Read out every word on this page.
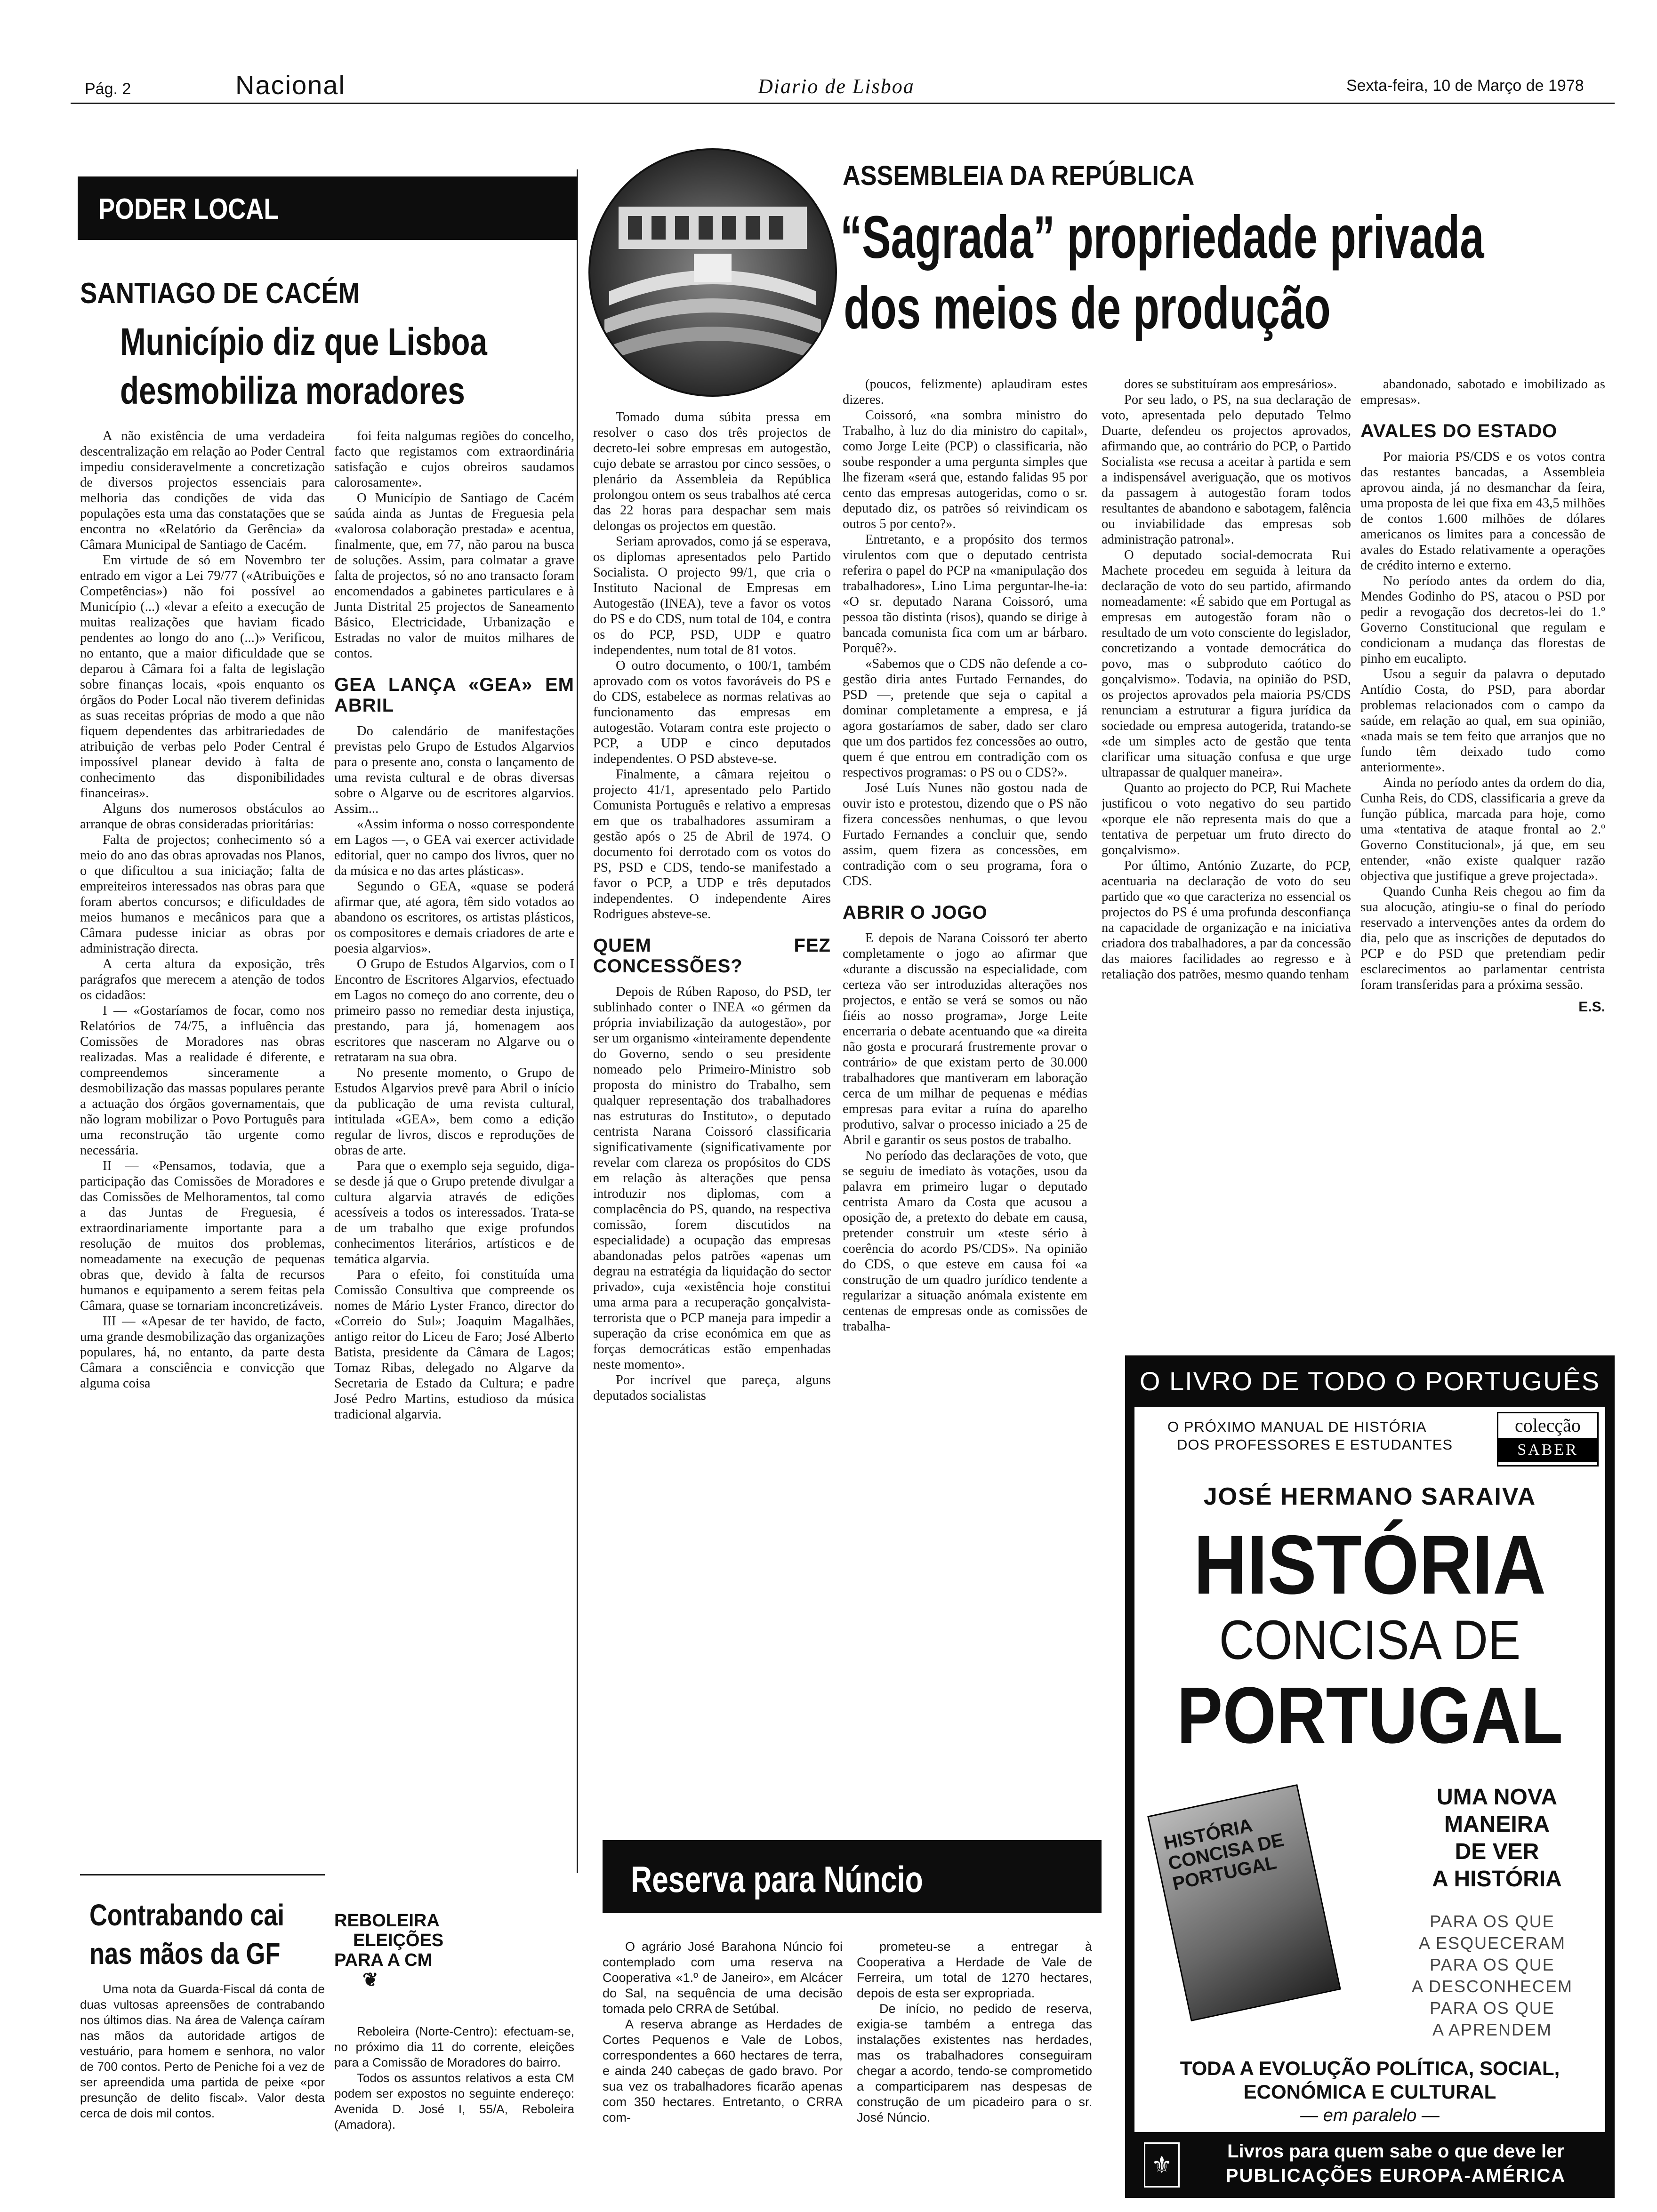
Pág. 2	Nacional	Diario de Lisboa	Sexta-feira, 10 de Março de 1978
PODER LOCAL
SANTIAGO DE CACÉM
Município diz que Lisboa
desmobiliza moradores

A não existência de uma verdadeira descentralização em relação ao Poder Central impediu consideravelmente a concretização de diversos projectos essenciais para melhoria das condições de vida das populações esta uma das constatações que se encontra no «Relatório da Gerência» da Câmara Municipal de Santiago de Cacém.

Em virtude de só em Novembro ter entrado em vigor a Lei 79/77 («Atribuições e Competências») não foi possível ao Município (...) «levar a efeito a execução de muitas realizações que haviam ficado pendentes ao longo do ano (...)» Verificou, no entanto, que a maior dificuldade que se deparou à Câmara foi a falta de legislação sobre finanças locais, «pois enquanto os órgãos do Poder Local não tiverem definidas as suas receitas próprias de modo a que não fiquem dependentes das arbitrariedades de atribuição de verbas pelo Poder Central é impossível planear devido à falta de conhecimento das disponibilidades financeiras».

Alguns dos numerosos obstáculos ao arranque de obras consideradas prioritárias:

Falta de projectos; conhecimento só a meio do ano das obras aprovadas nos Planos, o que dificultou a sua iniciação; falta de empreiteiros interessados nas obras para que foram abertos concursos; e dificuldades de meios humanos e mecânicos para que a Câmara pudesse iniciar as obras por administração directa.

A certa altura da exposição, três parágrafos que merecem a atenção de todos os cidadãos:

I — «Gostaríamos de focar, como nos Relatórios de 74/75, a influência das Comissões de Moradores nas obras realizadas. Mas a realidade é diferente, e compreendemos sinceramente a desmobilização das massas populares perante a actuação dos órgãos governamentais, que não logram mobilizar o Povo Português para uma reconstrução tão urgente como necessária.

II — «Pensamos, todavia, que a participação das Comissões de Moradores e das Comissões de Melhoramentos, tal como a das Juntas de Freguesia, é extraordinariamente importante para a resolução de muitos dos problemas, nomeadamente na execução de pequenas obras que, devido à falta de recursos humanos e equipamento a serem feitas pela Câmara, quase se tornariam inconcretizáveis.

III — «Apesar de ter havido, de facto, uma grande desmobilização das organizações populares, há, no entanto, da parte desta Câmara a consciência e convicção que alguma coisa

foi feita nalgumas regiões do concelho, facto que registamos com extraordinária satisfação e cujos obreiros saudamos calorosamente».

O Município de Santiago de Cacém saúda ainda as Juntas de Freguesia pela «valorosa colaboração prestada» e acentua, finalmente, que, em 77, não parou na busca de soluções. Assim, para colmatar a grave falta de projectos, só no ano transacto foram encomendados a gabinetes particulares e à Junta Distrital 25 projectos de Saneamento Básico, Electricidade, Urbanização e Estradas no valor de muitos milhares de contos.

GEA LANÇA «GEA» EM ABRIL

Do calendário de manifestações previstas pelo Grupo de Estudos Algarvios para o presente ano, consta o lançamento de uma revista cultural e de obras diversas sobre o Algarve ou de escritores algarvios. Assim...

«Assim informa o nosso correspondente em Lagos —, o GEA vai exercer actividade editorial, quer no campo dos livros, quer no da música e no das artes plásticas».

Segundo o GEA, «quase se poderá afirmar que, até agora, têm sido votados ao abandono os escritores, os artistas plásticos, os compositores e demais criadores de arte e poesia algarvios».

O Grupo de Estudos Algarvios, com o I Encontro de Escritores Algarvios, efectuado em Lagos no começo do ano corrente, deu o primeiro passo no remediar desta injustiça, prestando, para já, homenagem aos escritores que nasceram no Algarve ou o retrataram na sua obra.

No presente momento, o Grupo de Estudos Algarvios prevê para Abril o início da publicação de uma revista cultural, intitulada «GEA», bem como a edição regular de livros, discos e reproduções de obras de arte.

Para que o exemplo seja seguido, diga-se desde já que o Grupo pretende divulgar a cultura algarvia através de edições acessíveis a todos os interessados. Trata-se de um trabalho que exige profundos conhecimentos literários, artísticos e de temática algarvia.

Para o efeito, foi constituída uma Comissão Consultiva que compreende os nomes de Mário Lyster Franco, director do «Correio do Sul»; Joaquim Magalhães, antigo reitor do Liceu de Faro; José Alberto Batista, presidente da Câmara de Lagos; Tomaz Ribas, delegado no Algarve da Secretaria de Estado da Cultura; e padre José Pedro Martins, estudioso da música tradicional algarvia.

Contrabando cai
nas mãos da GF

Uma nota da Guarda-Fiscal dá conta de duas vultosas apreensões de contrabando nos últimos dias. Na área de Valença caíram nas mãos da autoridade artigos de vestuário, para homem e senhora, no valor de 700 contos. Perto de Peniche foi a vez de ser apreendida uma partida de peixe «por presunção de delito fiscal». Valor desta cerca de dois mil contos.

REBOLEIRA
ELEIÇÕES
PARA A CM
❦

Reboleira (Norte-Centro): efectuam-se, no próximo dia 11 do corrente, eleições para a Comissão de Moradores do bairro.

Todos os assuntos relativos a esta CM podem ser expostos no seguinte endereço: Avenida D. José I, 55/A, Reboleira (Amadora).

ASSEMBLEIA DA REPÚBLICA
“Sagrada” propriedade privada
dos meios de produção

Tomado duma súbita pressa em resolver o caso dos três projectos de decreto-lei sobre empresas em autogestão, cujo debate se arrastou por cinco sessões, o plenário da Assembleia da República prolongou ontem os seus trabalhos até cerca das 22 horas para despachar sem mais delongas os projectos em questão.

Seriam aprovados, como já se esperava, os diplomas apresentados pelo Partido Socialista. O projecto 99/1, que cria o Instituto Nacional de Empresas em Autogestão (INEA), teve a favor os votos do PS e do CDS, num total de 104, e contra os do PCP, PSD, UDP e quatro independentes, num total de 81 votos.

O outro documento, o 100/1, também aprovado com os votos favoráveis do PS e do CDS, estabelece as normas relativas ao funcionamento das empresas em autogestão. Votaram contra este projecto o PCP, a UDP e cinco deputados independentes. O PSD absteve-se.

Finalmente, a câmara rejeitou o projecto 41/1, apresentado pelo Partido Comunista Português e relativo a empresas em que os trabalhadores assumiram a gestão após o 25 de Abril de 1974. O documento foi derrotado com os votos do PS, PSD e CDS, tendo-se manifestado a favor o PCP, a UDP e três deputados independentes. O independente Aires Rodrigues absteve-se.

QUEM FEZ CONCESSÕES?

Depois de Rúben Raposo, do PSD, ter sublinhado conter o INEA «o gérmen da própria inviabilização da autogestão», por ser um organismo «inteiramente dependente do Governo, sendo o seu presidente nomeado pelo Primeiro-Ministro sob proposta do ministro do Trabalho, sem qualquer representação dos trabalhadores nas estruturas do Instituto», o deputado centrista Narana Coissoró classificaria significativamente (significativamente por revelar com clareza os propósitos do CDS em relação às alterações que pensa introduzir nos diplomas, com a complacência do PS, quando, na respectiva comissão, forem discutidos na especialidade) a ocupação das empresas abandonadas pelos patrões «apenas um degrau na estratégia da liquidação do sector privado», cuja «existência hoje constitui uma arma para a recuperação gonçalvista-terrorista que o PCP maneja para impedir a superação da crise económica em que as forças democráticas estão empenhadas neste momento».

Por incrível que pareça, alguns deputados socialistas

(poucos, felizmente) aplaudiram estes dizeres.

Coissoró, «na sombra ministro do Trabalho, à luz do dia ministro do capital», como Jorge Leite (PCP) o classificaria, não soube responder a uma pergunta simples que lhe fizeram «será que, estando falidas 95 por cento das empresas autogeridas, como o sr. deputado diz, os patrões só reivindicam os outros 5 por cento?».

Entretanto, e a propósito dos termos virulentos com que o deputado centrista referira o papel do PCP na «manipulação dos trabalhadores», Lino Lima perguntar-lhe-ia: «O sr. deputado Narana Coissoró, uma pessoa tão distinta (risos), quando se dirige à bancada comunista fica com um ar bárbaro. Porquê?».

«Sabemos que o CDS não defende a co-gestão diria antes Furtado Fernandes, do PSD —, pretende que seja o capital a dominar completamente a empresa, e já agora gostaríamos de saber, dado ser claro que um dos partidos fez concessões ao outro, quem é que entrou em contradição com os respectivos programas: o PS ou o CDS?».

José Luís Nunes não gostou nada de ouvir isto e protestou, dizendo que o PS não fizera concessões nenhumas, o que levou Furtado Fernandes a concluir que, sendo assim, quem fizera as concessões, em contradição com o seu programa, fora o CDS.

ABRIR O JOGO

E depois de Narana Coissoró ter aberto completamente o jogo ao afirmar que «durante a discussão na especialidade, com certeza vão ser introduzidas alterações nos projectos, e então se verá se somos ou não fiéis ao nosso programa», Jorge Leite encerraria o debate acentuando que «a direita não gosta e procurará frustremente provar o contrário» de que existam perto de 30.000 trabalhadores que mantiveram em laboração cerca de um milhar de pequenas e médias empresas para evitar a ruína do aparelho produtivo, salvar o processo iniciado a 25 de Abril e garantir os seus postos de trabalho.

No período das declarações de voto, que se seguiu de imediato às votações, usou da palavra em primeiro lugar o deputado centrista Amaro da Costa que acusou a oposição de, a pretexto do debate em causa, pretender construir um «teste sério à coerência do acordo PS/CDS». Na opinião do CDS, o que esteve em causa foi «a construção de um quadro jurídico tendente a regularizar a situação anómala existente em centenas de empresas onde as comissões de trabalha-

dores se substituíram aos empresários».

Por seu lado, o PS, na sua declaração de voto, apresentada pelo deputado Telmo Duarte, defendeu os projectos aprovados, afirmando que, ao contrário do PCP, o Partido Socialista «se recusa a aceitar à partida e sem a indispensável averiguação, que os motivos da passagem à autogestão foram todos resultantes de abandono e sabotagem, falência ou inviabilidade das empresas sob administração patronal».

O deputado social-democrata Rui Machete procedeu em seguida à leitura da declaração de voto do seu partido, afirmando nomeadamente: «É sabido que em Portugal as empresas em autogestão foram não o resultado de um voto consciente do legislador, concretizando a vontade democrática do povo, mas o subproduto caótico do gonçalvismo». Todavia, na opinião do PSD, os projectos aprovados pela maioria PS/CDS renunciam a estruturar a figura jurídica da sociedade ou empresa autogerida, tratando-se «de um simples acto de gestão que tenta clarificar uma situação confusa e que urge ultrapassar de qualquer maneira».

Quanto ao projecto do PCP, Rui Machete justificou o voto negativo do seu partido «porque ele não representa mais do que a tentativa de perpetuar um fruto directo do gonçalvismo».

Por último, António Zuzarte, do PCP, acentuaria na declaração de voto do seu partido que «o que caracteriza no essencial os projectos do PS é uma profunda desconfiança na capacidade de organização e na iniciativa criadora dos trabalhadores, a par da concessão das maiores facilidades ao regresso e à retaliação dos patrões, mesmo quando tenham

abandonado, sabotado e imobilizado as empresas».

AVALES DO ESTADO

Por maioria PS/CDS e os votos contra das restantes bancadas, a Assembleia aprovou ainda, já no desmanchar da feira, uma proposta de lei que fixa em 43,5 milhões de contos 1.600 milhões de dólares americanos os limites para a concessão de avales do Estado relativamente a operações de crédito interno e externo.

No período antes da ordem do dia, Mendes Godinho do PS, atacou o PSD por pedir a revogação dos decretos-lei do 1.º Governo Constitucional que regulam e condicionam a mudança das florestas de pinho em eucalipto.

Usou a seguir da palavra o deputado Antídio Costa, do PSD, para abordar problemas relacionados com o campo da saúde, em relação ao qual, em sua opinião, «nada mais se tem feito que arranjos que no fundo têm deixado tudo como anteriormente».

Ainda no período antes da ordem do dia, Cunha Reis, do CDS, classificaria a greve da função pública, marcada para hoje, como uma «tentativa de ataque frontal ao 2.º Governo Constitucional», já que, em seu entender, «não existe qualquer razão objectiva que justifique a greve projectada».

Quando Cunha Reis chegou ao fim da sua alocução, atingiu-se o final do período reservado a intervenções antes da ordem do dia, pelo que as inscrições de deputados do PCP e do PSD que pretendiam pedir esclarecimentos ao parlamentar centrista foram transferidas para a próxima sessão.

E.S.
Reserva para Núncio

O agrário José Barahona Núncio foi contemplado com uma reserva na Cooperativa «1.º de Janeiro», em Alcácer do Sal, na sequência de uma decisão tomada pelo CRRA de Setúbal.

A reserva abrange as Herdades de Cortes Pequenos e Vale de Lobos, correspondentes a 660 hectares de terra, e ainda 240 cabeças de gado bravo. Por sua vez os trabalhadores ficarão apenas com 350 hectares. Entretanto, o CRRA com-

prometeu-se a entregar à Cooperativa a Herdade de Vale de Ferreira, um total de 1270 hectares, depois de esta ser expropriada.

De início, no pedido de reserva, exigia-se também a entrega das instalações existentes nas herdades, mas os trabalhadores conseguiram chegar a acordo, tendo-se comprometido a comparticiparem nas despesas de construção de um picadeiro para o sr. José Núncio.

O LIVRO DE TODO O PORTUGUÊS
O PRÓXIMO MANUAL DE HISTÓRIA
DOS PROFESSORES E ESTUDANTES
colecção
SABER
JOSÉ HERMANO SARAIVA
HISTÓRIA
CONCISA DE
PORTUGAL
HISTÓRIA CONCISA DE PORTUGAL
UMA NOVA
MANEIRA
DE VER
A HISTÓRIA
PARA OS QUE
A ESQUECERAM
PARA OS QUE
A DESCONHECEM
PARA OS QUE
A APRENDEM
TODA A EVOLUÇÃO POLÍTICA, SOCIAL,
ECONÓMICA E CULTURAL
— em paralelo —
⚜
Livros para quem sabe o que deve ler
PUBLICAÇÕES EUROPA-AMÉRICA
